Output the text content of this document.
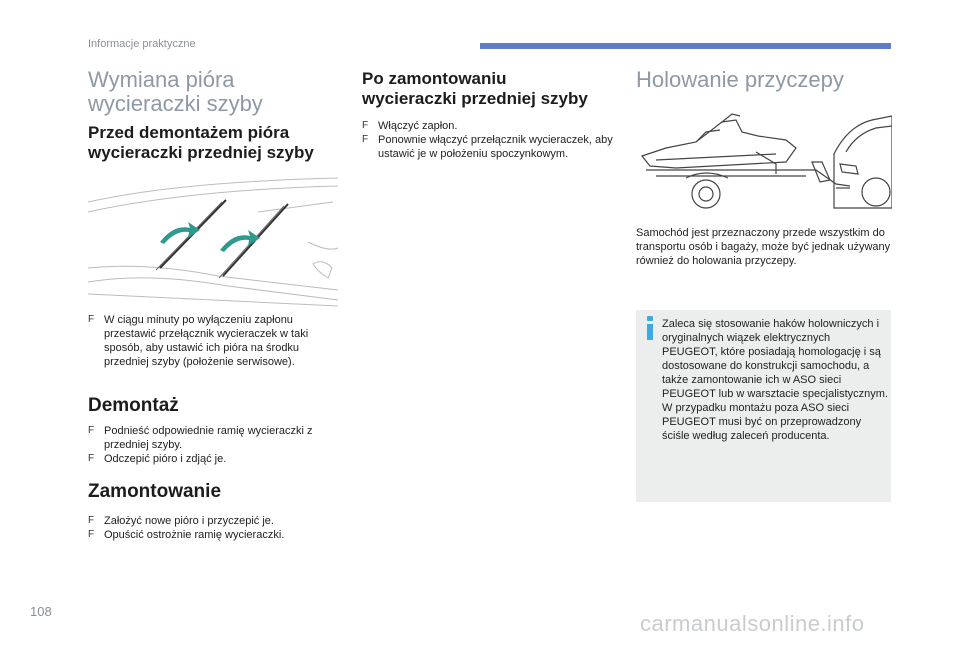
Informacje praktyczne
Wymiana pióra
wycieraczki szyby
Przed demontażem pióra
wycieraczki przedniej szyby
F W ciągu minuty po wyłączeniu zapłonu przestawić przełącznik wycieraczek w taki sposób, aby ustawić ich pióra na środku przedniej szyby (położenie serwisowe).
Demontaż
F Podnieść odpowiednie ramię wycieraczki z przedniej szyby.
F Odczepić pióro i zdjąć je.
Zamontowanie
F Założyć nowe pióro i przyczepić je.
F Opuścić ostrożnie ramię wycieraczki.
Po zamontowaniu
wycieraczki przedniej szyby
F Włączyć zapłon.
F Ponownie włączyć przełącznik wycieraczek, aby ustawić je w położeniu spoczynkowym.
Holowanie przyczepy

Samochód jest przeznaczony przede wszystkim do transportu osób i bagaży, może być jednak używany również do holowania przyczepy.

Zaleca się stosowanie haków holowniczych i oryginalnych wiązek elektrycznych PEUGEOT, które posiadają homologację i są dostosowane do konstrukcji samochodu, a także zamontowanie ich w ASO sieci PEUGEOT lub w warsztacie specjalistycznym. W przypadku montażu poza ASO sieci PEUGEOT musi być on przeprowadzony ściśle według zaleceń producenta.

108	carmanualsonline.info
